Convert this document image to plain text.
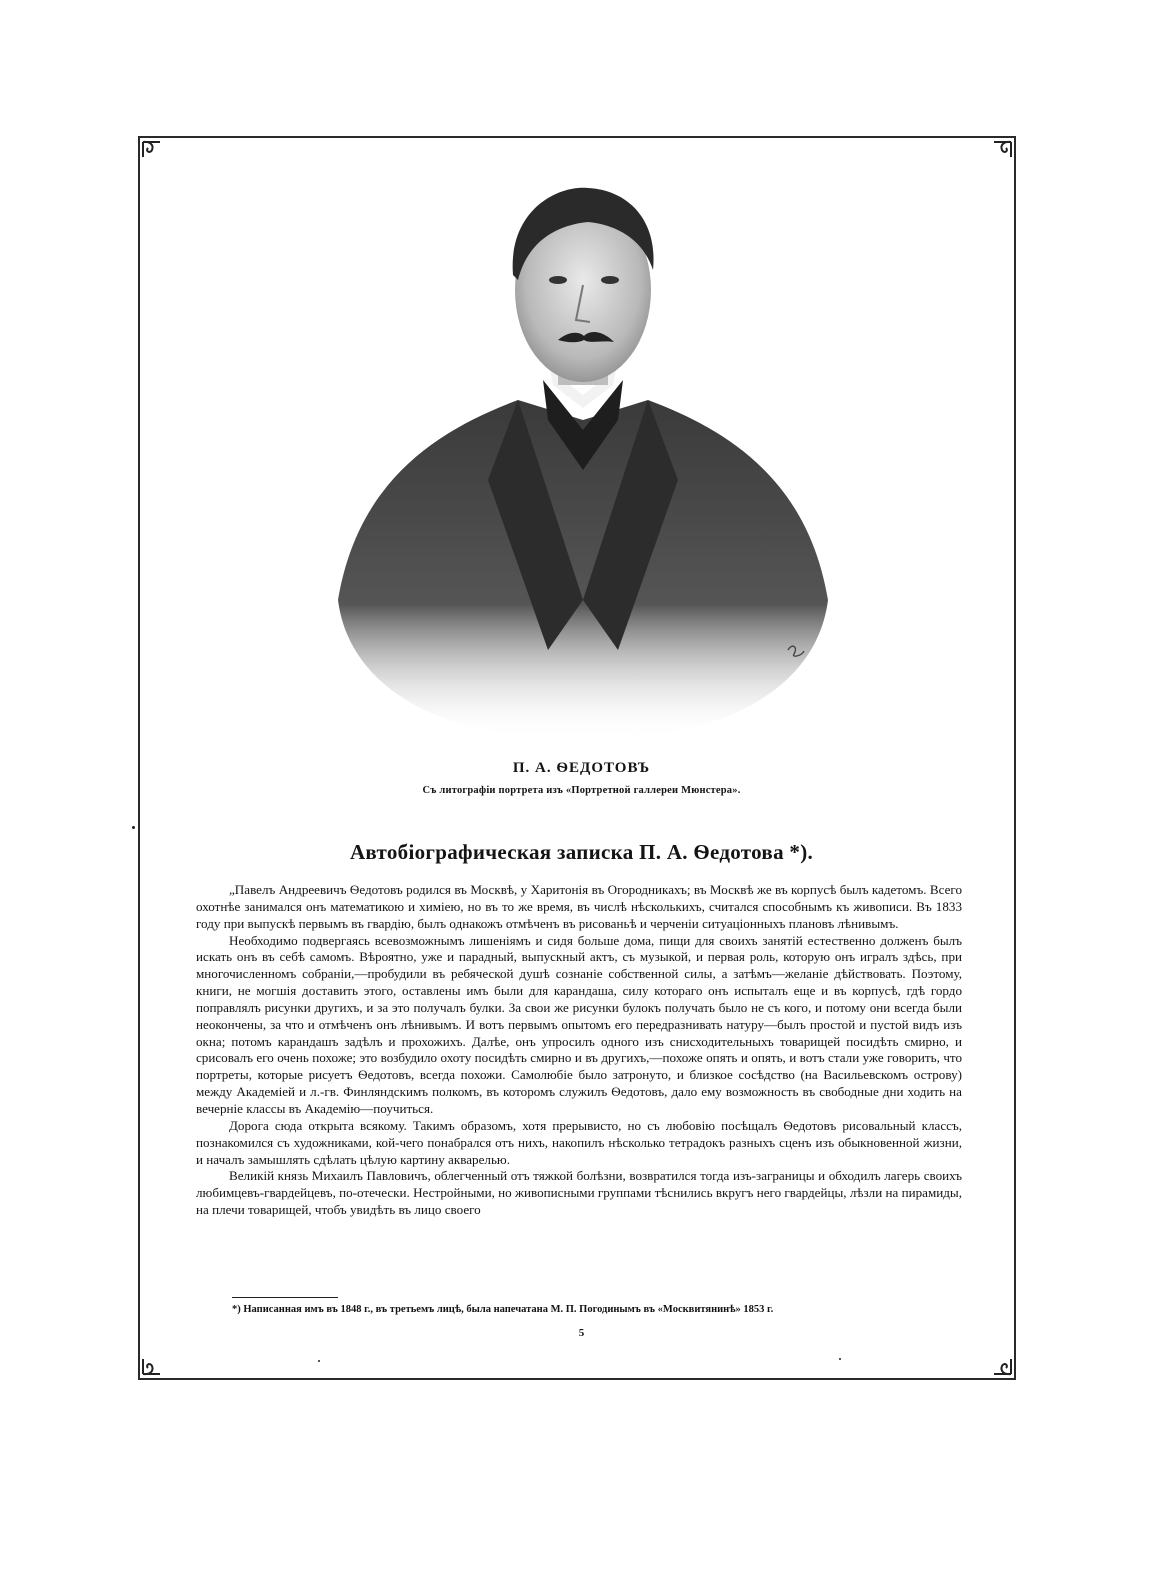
П. А. ѲЕДОТОВЪ
Съ литографіи портрета изъ «Портретной галлереи Мюнстера».
Автобіографическая записка П. А. Ѳедотова *).

„Павелъ Андреевичъ Ѳедотовъ родился въ Москвѣ, у Харитонія въ Огородникахъ; въ Москвѣ же въ корпусѣ былъ кадетомъ. Всего охотнѣе занимался онъ математикою и химіею, но въ то же время, въ числѣ нѣсколькихъ, считался способнымъ къ живописи. Въ 1833 году при выпускѣ первымъ въ гвардію, былъ однакожъ отмѣченъ въ рисованьѣ и черченіи ситуаціонныхъ плановъ лѣнивымъ.

Необходимо подвергаясь всевозможнымъ лишеніямъ и сидя больше дома, пищи для своихъ занятій естественно долженъ былъ искать онъ въ себѣ самомъ. Вѣроятно, уже и парадный, выпускный актъ, съ музыкой, и первая роль, которую онъ игралъ здѣсь, при многочисленномъ собраніи,—пробудили въ ребяческой душѣ сознаніе собственной силы, а затѣмъ—желаніе дѣйствовать. Поэтому, книги, не могшія доставить этого, оставлены имъ были для карандаша, силу котораго онъ испыталъ еще и въ корпусѣ, гдѣ гордо поправлялъ рисунки другихъ, и за это получалъ булки. За свои же рисунки булокъ получать было не съ кого, и потому они всегда были неокончены, за что и отмѣченъ онъ лѣнивымъ. И вотъ первымъ опытомъ его передразнивать натуру—былъ простой и пустой видъ изъ окна; потомъ карандашъ задѣлъ и прохожихъ. Далѣе, онъ упросилъ одного изъ снисходительныхъ товарищей посидѣть смирно, и срисовалъ его очень похоже; это возбудило охоту посидѣть смирно и въ другихъ,—похоже опять и опять, и вотъ стали уже говорить, что портреты, которые рисуетъ Ѳедотовъ, всегда похожи. Самолюбіе было затронуто, и близкое сосѣдство (на Васильевскомъ острову) между Академіей и л.-гв. Финляндскимъ полкомъ, въ которомъ служилъ Ѳедотовъ, дало ему возможность въ свободные дни ходить на вечерніе классы въ Академію—поучиться.

Дорога сюда открыта всякому. Такимъ образомъ, хотя прерывисто, но съ любовію посѣщалъ Ѳедотовъ рисовальный классъ, познакомился съ художниками, кой-чего понабрался отъ нихъ, накопилъ нѣсколько тетрадокъ разныхъ сценъ изъ обыкновенной жизни, и началъ замышлять сдѣлать цѣлую картину акварелью.

Великій князь Михаилъ Павловичъ, облегченный отъ тяжкой болѣзни, возвратился тогда изъ-заграницы и обходилъ лагерь своихъ любимцевъ-гвардейцевъ, по-отечески. Нестройными, но живописными группами тѣснились вкругъ него гвардейцы, лѣзли на пирамиды, на плечи товарищей, чтобъ увидѣть въ лицо своего

*) Написанная имъ въ 1848 г., въ третьемъ лицѣ, была напечатана М. П. Погодинымъ въ «Москвитянинѣ» 1853 г.
5
